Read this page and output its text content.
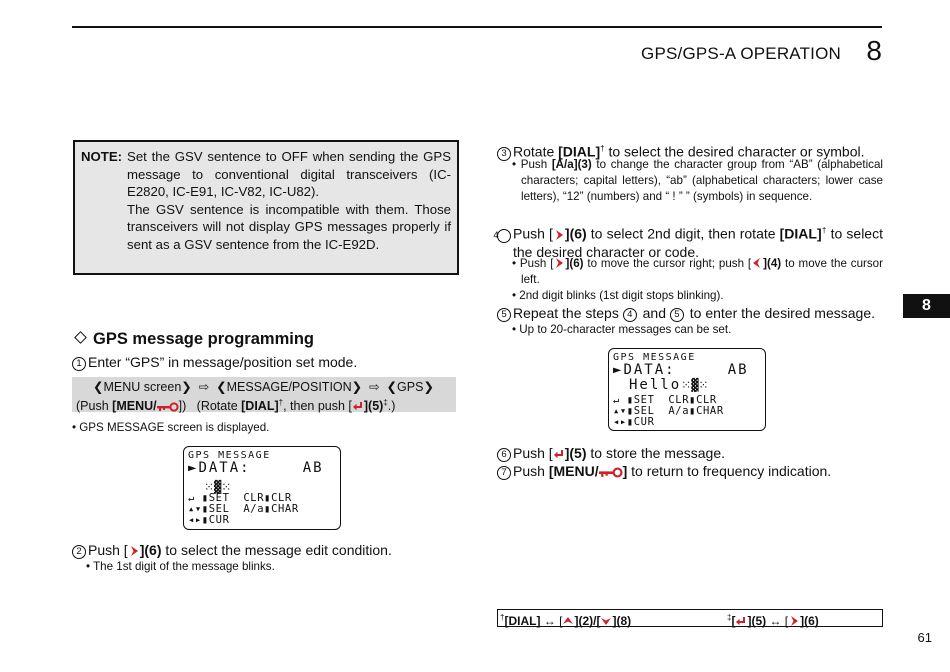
GPS/GPS-A OPERATION 8
8
NOTE: Set the GSV sentence to OFF when sending the GPS message to conventional digital transceivers (IC-E2820, IC-E91, IC-V82, IC-U82).
The GSV sentence is incompatible with them. Those transceivers will not display GPS messages properly if sent as a GSV sentence from the IC-E92D.
GPS message programming
1 Enter “GPS” in message/position set mode.
❮MENU screen❯ ⇨ ❮MESSAGE/POSITION❯ ⇨ ❮GPS❯
(Push [MENU/ ]) (Rotate [DIAL]†, then push [ ](5)‡.)
• GPS MESSAGE screen is displayed.
GPS MESSAGE
►DATA:	AB
⁙▓⁙
↵ ▮SET CLR▮CLR
▴▾▮SEL A/a▮CHAR
◂▸▮CUR
2 Push [ ](6) to select the message edit condition.
• The 1st digit of the message blinks.
3 Rotate [DIAL]† to select the desired character or symbol.
• Push [A/a](3) to change the character group from “AB” (alphabetical characters; capital letters), “ab” (alphabetical characters; lower case letters), “12” (numbers) and “ ! ” ” (symbols) in sequence.
4 Push [ ](6) to select 2nd digit, then rotate [DIAL]† to select the desired character or code.
• Push [ ](6) to move the cursor right; push [ ](4) to move the cursor left.
• 2nd digit blinks (1st digit stops blinking).
5 Repeat the steps 4 and 5 to enter the desired message.
• Up to 20-character messages can be set.
GPS MESSAGE
►DATA:	AB
Hello⁙▓⁙
↵ ▮SET CLR▮CLR
▴▾▮SEL A/a▮CHAR
◂▸▮CUR
6 Push [ ](5) to store the message.
7 Push [MENU/ ] to return to frequency indication.
†[DIAL] ↔ [ ](2)/[ ](8)	‡[ ](5) ↔ [ ](6)
61
